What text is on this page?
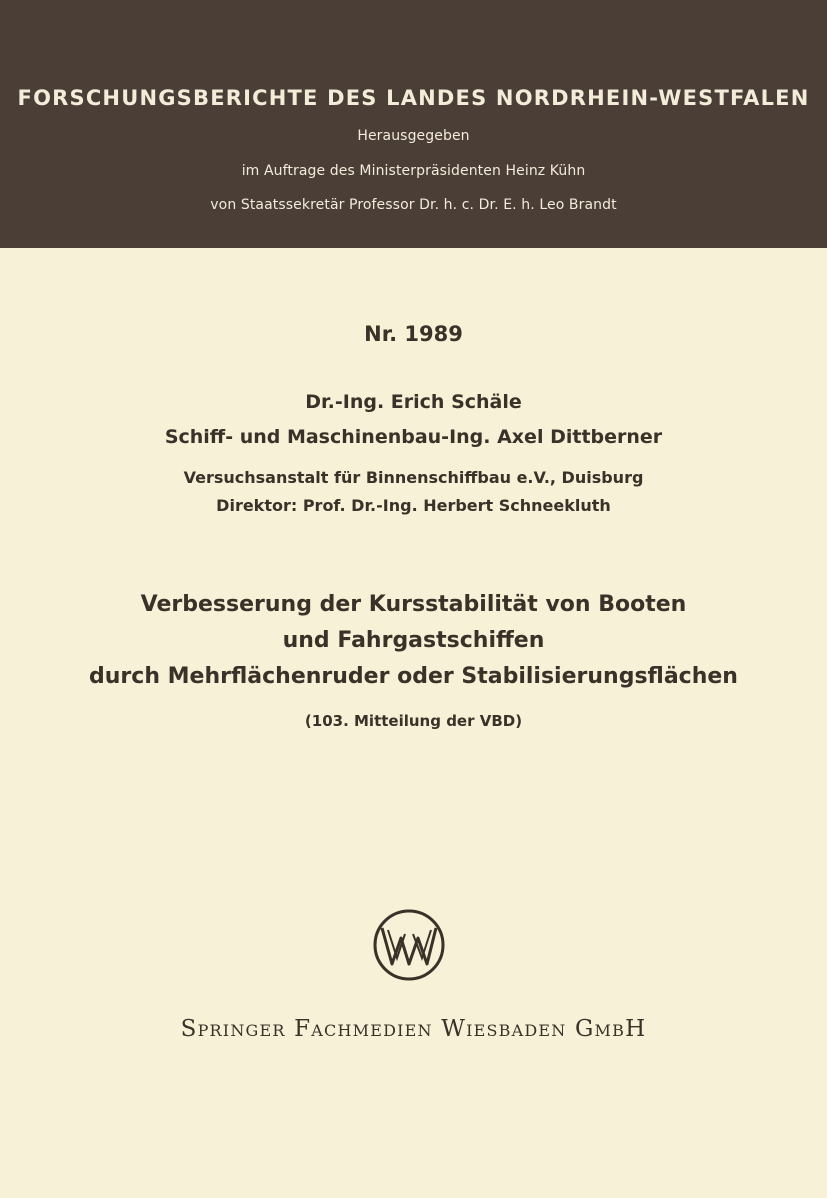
FORSCHUNGSBERICHTE DES LANDES NORDRHEIN-WESTFALEN
Herausgegeben
im Auftrage des Ministerpräsidenten Heinz Kühn
von Staatssekretär Professor Dr. h. c. Dr. E. h. Leo Brandt
Nr. 1989
Dr.-Ing. Erich Schäle
Schiff- und Maschinenbau-Ing. Axel Dittberner
Versuchsanstalt für Binnenschiffbau e.V., Duisburg
Direktor: Prof. Dr.-Ing. Herbert Schneekluth
Verbesserung der Kursstabilität von Booten
und Fahrgastschiffen
durch Mehrflächenruder oder Stabilisierungsflächen
(103. Mitteilung der VBD)
Springer Fachmedien Wiesbaden GmbH
